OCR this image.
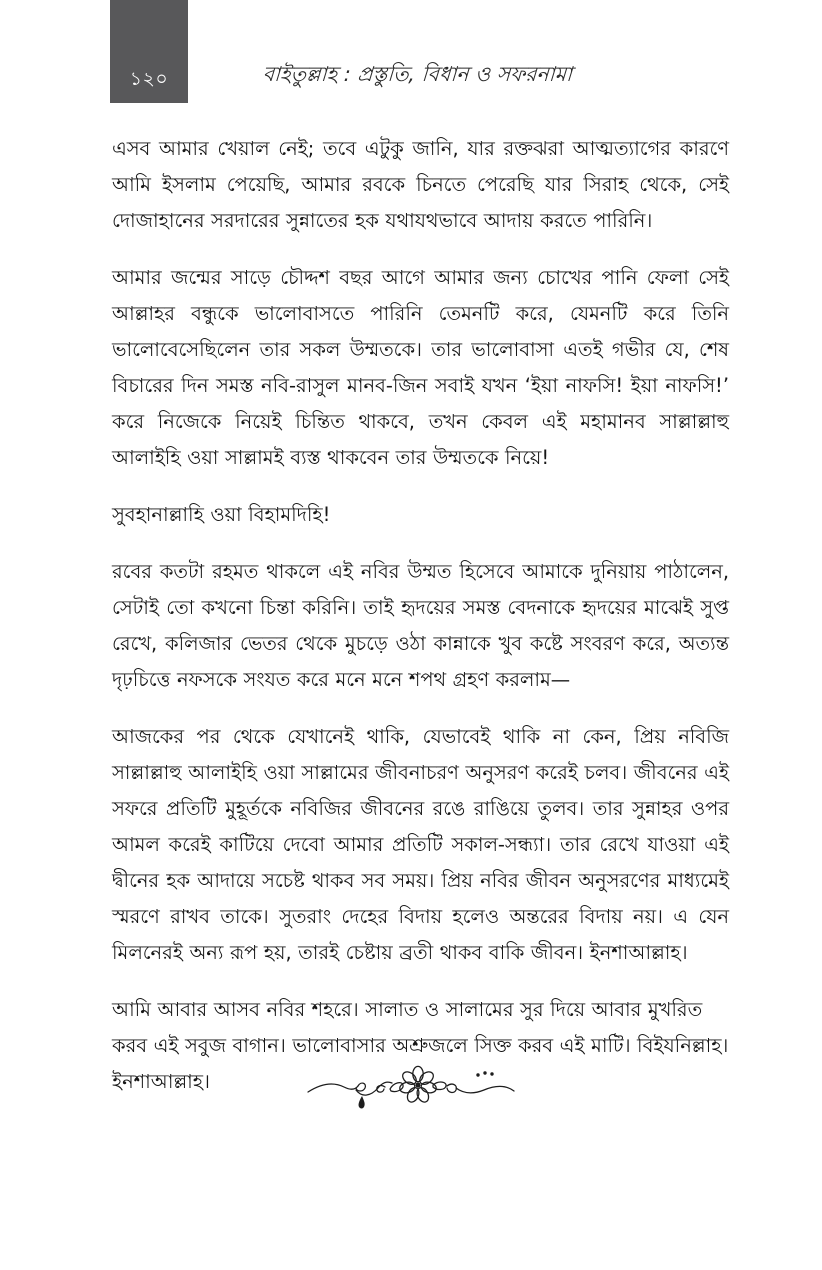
১২০	বাইতুল্লাহ : প্রস্তুতি, বিধান ও সফরনামা

এসব আমার খেয়াল নেই; তবে এটুকু জানি, যার রক্তঝরা আত্মত্যাগের কারণে আমি ইসলাম পেয়েছি, আমার রবকে চিনতে পেরেছি যার সিরাহ থেকে, সেই দোজাহানের সরদারের সুন্নাতের হক যথাযথভাবে আদায় করতে পারিনি।

আমার জন্মের সাড়ে চৌদ্দশ বছর আগে আমার জন্য চোখের পানি ফেলা সেই আল্লাহর বন্ধুকে ভালোবাসতে পারিনি তেমনটি করে, যেমনটি করে তিনি ভালোবেসেছিলেন তার সকল উম্মতকে। তার ভালোবাসা এতই গভীর যে, শেষ বিচারের দিন সমস্ত নবি-রাসুল মানব-জিন সবাই যখন ‘ইয়া নাফসি! ইয়া নাফসি!’ করে নিজেকে নিয়েই চিন্তিত থাকবে, তখন কেবল এই মহামানব সাল্লাল্লাহু আলাইহি ওয়া সাল্লামই ব্যস্ত থাকবেন তার উম্মতকে নিয়ে!

সুবহানাল্লাহি ওয়া বিহামদিহি!

রবের কতটা রহমত থাকলে এই নবির উম্মত হিসেবে আমাকে দুনিয়ায় পাঠালেন, সেটাই তো কখনো চিন্তা করিনি। তাই হৃদয়ের সমস্ত বেদনাকে হৃদয়ের মাঝেই সুপ্ত রেখে, কলিজার ভেতর থেকে মুচড়ে ওঠা কান্নাকে খুব কষ্টে সংবরণ করে, অত্যন্ত দৃঢ়চিত্তে নফসকে সংযত করে মনে মনে শপথ গ্রহণ করলাম—

আজকের পর থেকে যেখানেই থাকি, যেভাবেই থাকি না কেন, প্রিয় নবিজি সাল্লাল্লাহু আলাইহি ওয়া সাল্লামের জীবনাচরণ অনুসরণ করেই চলব। জীবনের এই সফরে প্রতিটি মুহূর্তকে নবিজির জীবনের রঙে রাঙিয়ে তুলব। তার সুন্নাহর ওপর আমল করেই কাটিয়ে দেবো আমার প্রতিটি সকাল-সন্ধ্যা। তার রেখে যাওয়া এই দ্বীনের হক আদায়ে সচেষ্ট থাকব সব সময়। প্রিয় নবির জীবন অনুসরণের মাধ্যমেই স্মরণে রাখব তাকে। সুতরাং দেহের বিদায় হলেও অন্তরের বিদায় নয়। এ যেন মিলনেরই অন্য রূপ হয়, তারই চেষ্টায় ব্রতী থাকব বাকি জীবন। ইনশাআল্লাহ।

আমি আবার আসব নবির শহরে। সালাত ও সালামের সুর দিয়ে আবার মুখরিত করব এই সবুজ বাগান। ভালোবাসার অশ্রুজলে সিক্ত করব এই মাটি। বিইযনিল্লাহ। ইনশাআল্লাহ।
